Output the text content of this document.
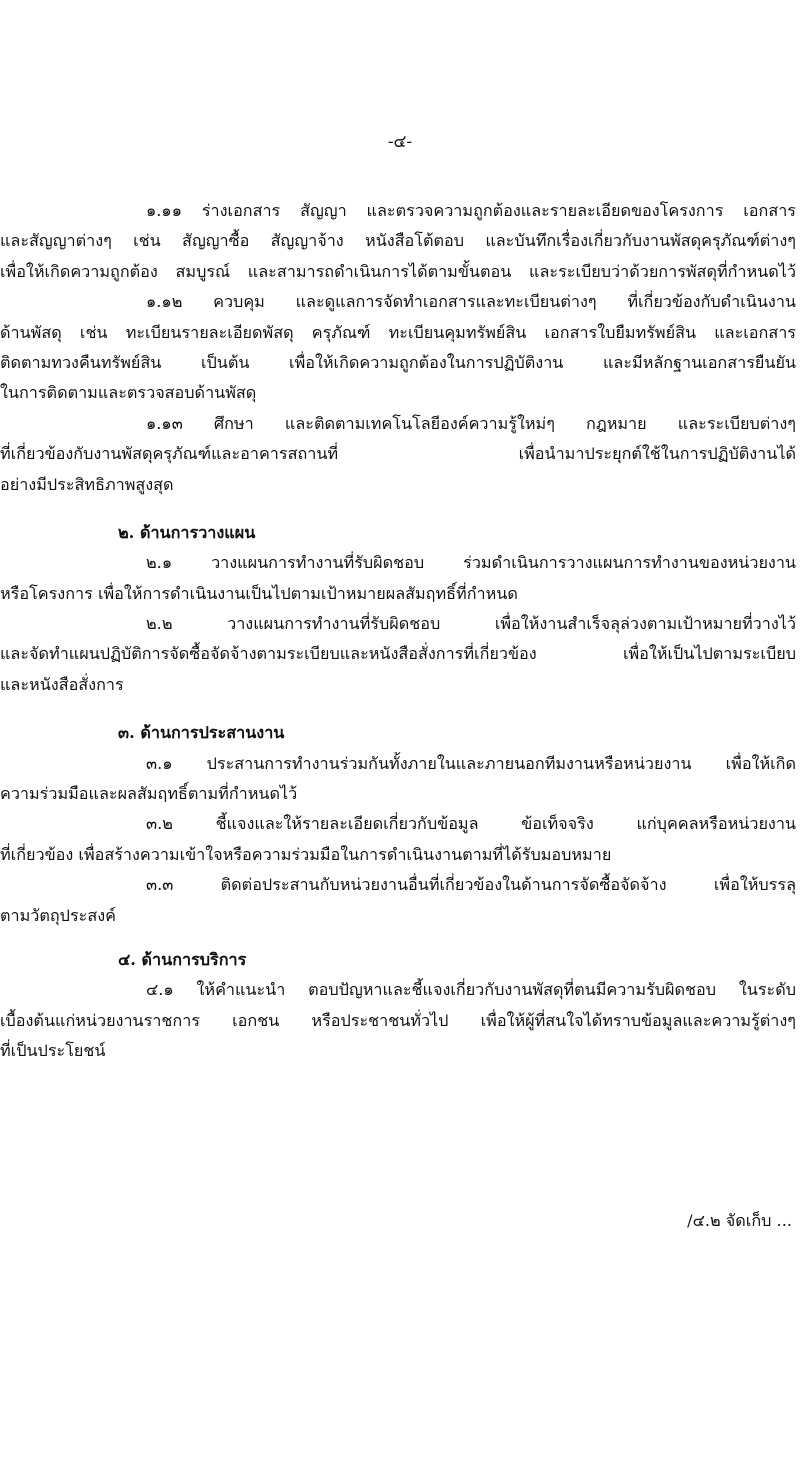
-๔-
๑.๑๑ ร่างเอกสาร สัญญา และตรวจความถูกต้องและรายละเอียดของโครงการ เอกสาร
และสัญญาต่างๆ เช่น สัญญาซื้อ สัญญาจ้าง หนังสือโต้ตอบ และบันทึกเรื่องเกี่ยวกับงานพัสดุครุภัณฑ์ต่างๆ
เพื่อให้เกิดความถูกต้อง สมบูรณ์ และสามารถดำเนินการได้ตามขั้นตอน และระเบียบว่าด้วยการพัสดุที่กำหนดไว้
๑.๑๒ ควบคุม และดูแลการจัดทำเอกสารและทะเบียนต่างๆ ที่เกี่ยวข้องกับดำเนินงาน
ด้านพัสดุ เช่น ทะเบียนรายละเอียดพัสดุ ครุภัณฑ์ ทะเบียนคุมทรัพย์สิน เอกสารใบยืมทรัพย์สิน และเอกสาร
ติดตามทวงคืนทรัพย์สิน เป็นต้น เพื่อให้เกิดความถูกต้องในการปฏิบัติงาน และมีหลักฐานเอกสารยืนยัน
ในการติดตามและตรวจสอบด้านพัสดุ
๑.๑๓ ศึกษา และติดตามเทคโนโลยีองค์ความรู้ใหม่ๆ กฎหมาย และระเบียบต่างๆ
ที่เกี่ยวข้องกับงานพัสดุครุภัณฑ์และอาคารสถานที่ เพื่อนำมาประยุกต์ใช้ในการปฏิบัติงานได้
อย่างมีประสิทธิภาพสูงสุด
๒. ด้านการวางแผน
๒.๑ วางแผนการทำงานที่รับผิดชอบ ร่วมดำเนินการวางแผนการทำงานของหน่วยงาน
หรือโครงการ เพื่อให้การดำเนินงานเป็นไปตามเป้าหมายผลสัมฤทธิ์ที่กำหนด
๒.๒ วางแผนการทำงานที่รับผิดชอบ เพื่อให้งานสำเร็จลุล่วงตามเป้าหมายที่วางไว้
และจัดทำแผนปฏิบัติการจัดซื้อจัดจ้างตามระเบียบและหนังสือสั่งการที่เกี่ยวข้อง เพื่อให้เป็นไปตามระเบียบ
และหนังสือสั่งการ
๓. ด้านการประสานงาน
๓.๑ ประสานการทำงานร่วมกันทั้งภายในและภายนอกทีมงานหรือหน่วยงาน เพื่อให้เกิด
ความร่วมมือและผลสัมฤทธิ์ตามที่กำหนดไว้
๓.๒ ชี้แจงและให้รายละเอียดเกี่ยวกับข้อมูล ข้อเท็จจริง แก่บุคคลหรือหน่วยงาน
ที่เกี่ยวข้อง เพื่อสร้างความเข้าใจหรือความร่วมมือในการดำเนินงานตามที่ได้รับมอบหมาย
๓.๓ ติดต่อประสานกับหน่วยงานอื่นที่เกี่ยวข้องในด้านการจัดซื้อจัดจ้าง เพื่อให้บรรลุ
ตามวัตถุประสงค์
๔. ด้านการบริการ
๔.๑ ให้คำแนะนำ ตอบปัญหาและชี้แจงเกี่ยวกับงานพัสดุที่ตนมีความรับผิดชอบ ในระดับ
เบื้องต้นแก่หน่วยงานราชการ เอกชน หรือประชาชนทั่วไป เพื่อให้ผู้ที่สนใจได้ทราบข้อมูลและความรู้ต่างๆ
ที่เป็นประโยชน์
/๔.๒ จัดเก็บ ...
